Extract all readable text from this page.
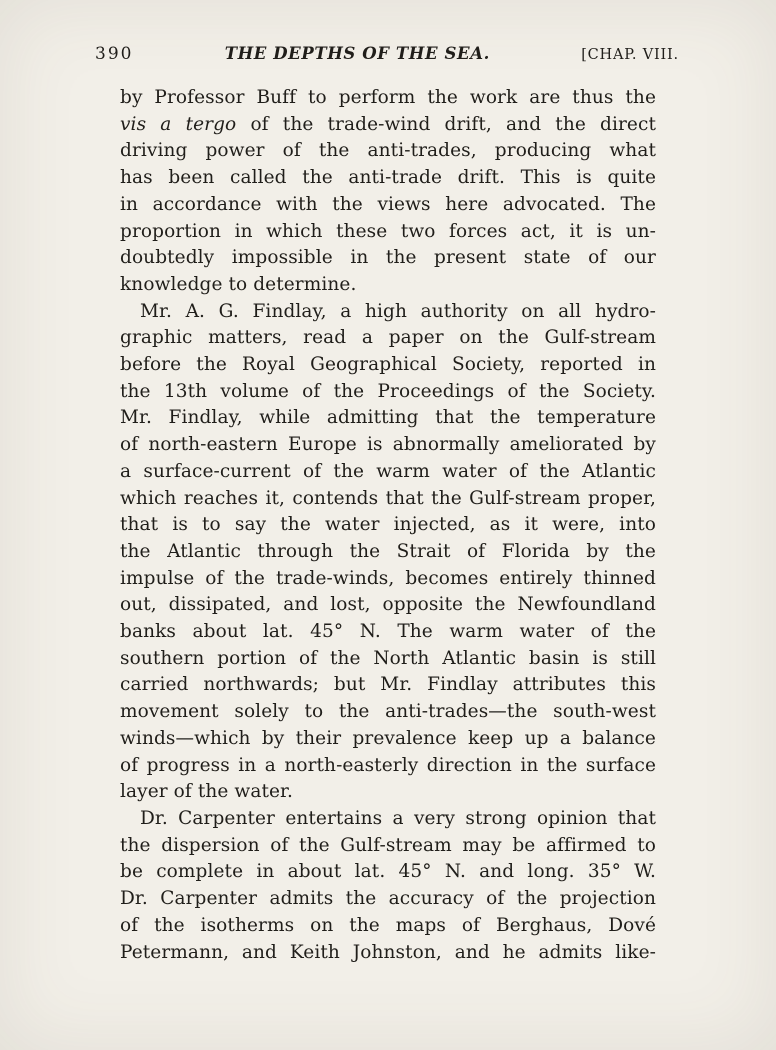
390	THE DEPTHS OF THE SEA.	[CHAP. VIII.
by Professor Buff to perform the work are thus the
vis a tergo of the trade-wind drift, and the direct
driving power of the anti-trades, producing what
has been called the anti-trade drift. This is quite
in accordance with the views here advocated. The
proportion in which these two forces act, it is un-
doubtedly impossible in the present state of our
knowledge to determine.
Mr. A. G. Findlay, a high authority on all hydro-
graphic matters, read a paper on the Gulf-stream
before the Royal Geographical Society, reported in
the 13th volume of the Proceedings of the Society.
Mr. Findlay, while admitting that the temperature
of north-eastern Europe is abnormally ameliorated by
a surface-current of the warm water of the Atlantic
which reaches it, contends that the Gulf-stream proper,
that is to say the water injected, as it were, into
the Atlantic through the Strait of Florida by the
impulse of the trade-winds, becomes entirely thinned
out, dissipated, and lost, opposite the Newfoundland
banks about lat. 45° N. The warm water of the
southern portion of the North Atlantic basin is still
carried northwards; but Mr. Findlay attributes this
movement solely to the anti-trades—the south-west
winds—which by their prevalence keep up a balance
of progress in a north-easterly direction in the surface
layer of the water.
Dr. Carpenter entertains a very strong opinion that
the dispersion of the Gulf-stream may be affirmed to
be complete in about lat. 45° N. and long. 35° W.
Dr. Carpenter admits the accuracy of the projection
of the isotherms on the maps of Berghaus, Dové
Petermann, and Keith Johnston, and he admits like-
